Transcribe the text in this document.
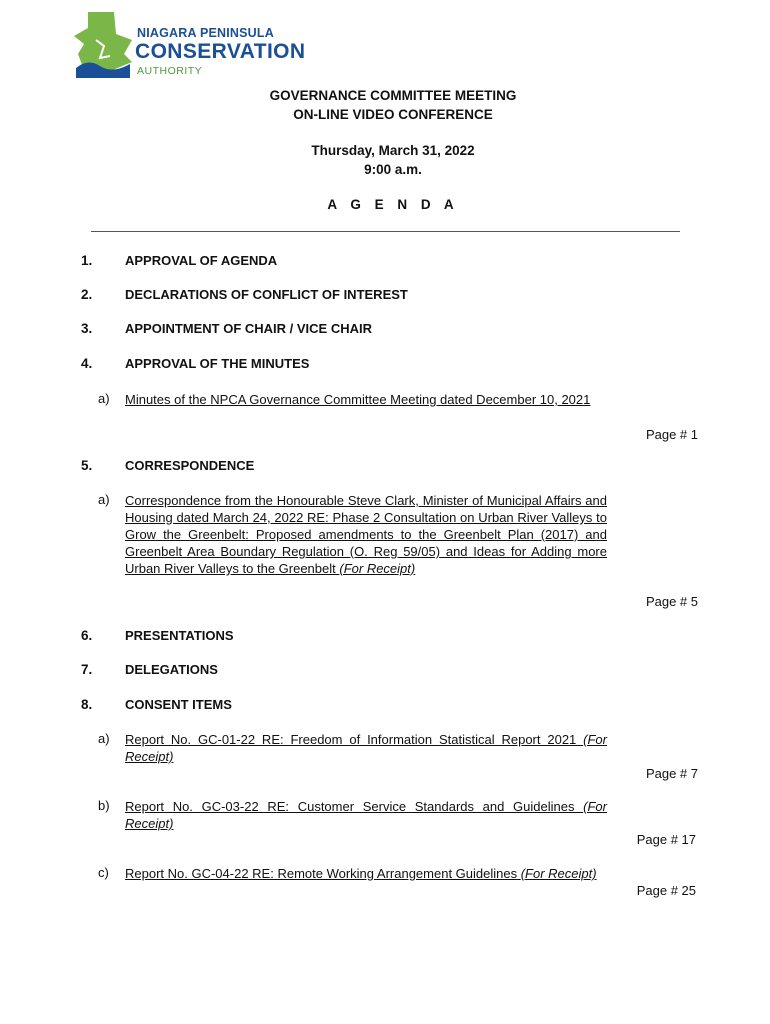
NIAGARA PENINSULA
CONSERVATION
AUTHORITY
GOVERNANCE COMMITTEE MEETING
ON-LINE VIDEO CONFERENCE
Thursday, March 31, 2022
9:00 a.m.
A G E N D A
1.	APPROVAL OF AGENDA
2.	DECLARATIONS OF CONFLICT OF INTEREST
3.	APPOINTMENT OF CHAIR / VICE CHAIR
4.	APPROVAL OF THE MINUTES
a) Minutes of the NPCA Governance Committee Meeting dated December 10, 2021
Page # 1
5.	CORRESPONDENCE
a) Correspondence from the Honourable Steve Clark, Minister of Municipal Affairs and Housing dated March 24, 2022 RE: Phase 2 Consultation on Urban River Valleys to Grow the Greenbelt: Proposed amendments to the Greenbelt Plan (2017) and Greenbelt Area Boundary Regulation (O. Reg 59/05) and Ideas for Adding more Urban River Valleys to the Greenbelt (For Receipt)
Page # 5
6.	PRESENTATIONS
7.	DELEGATIONS
8.	CONSENT ITEMS
a) Report No. GC-01-22 RE: Freedom of Information Statistical Report 2021 (For Receipt)
Page # 7
b) Report No. GC-03-22 RE: Customer Service Standards and Guidelines (For Receipt)
Page # 17
c) Report No. GC-04-22 RE: Remote Working Arrangement Guidelines (For Receipt)
Page # 25
